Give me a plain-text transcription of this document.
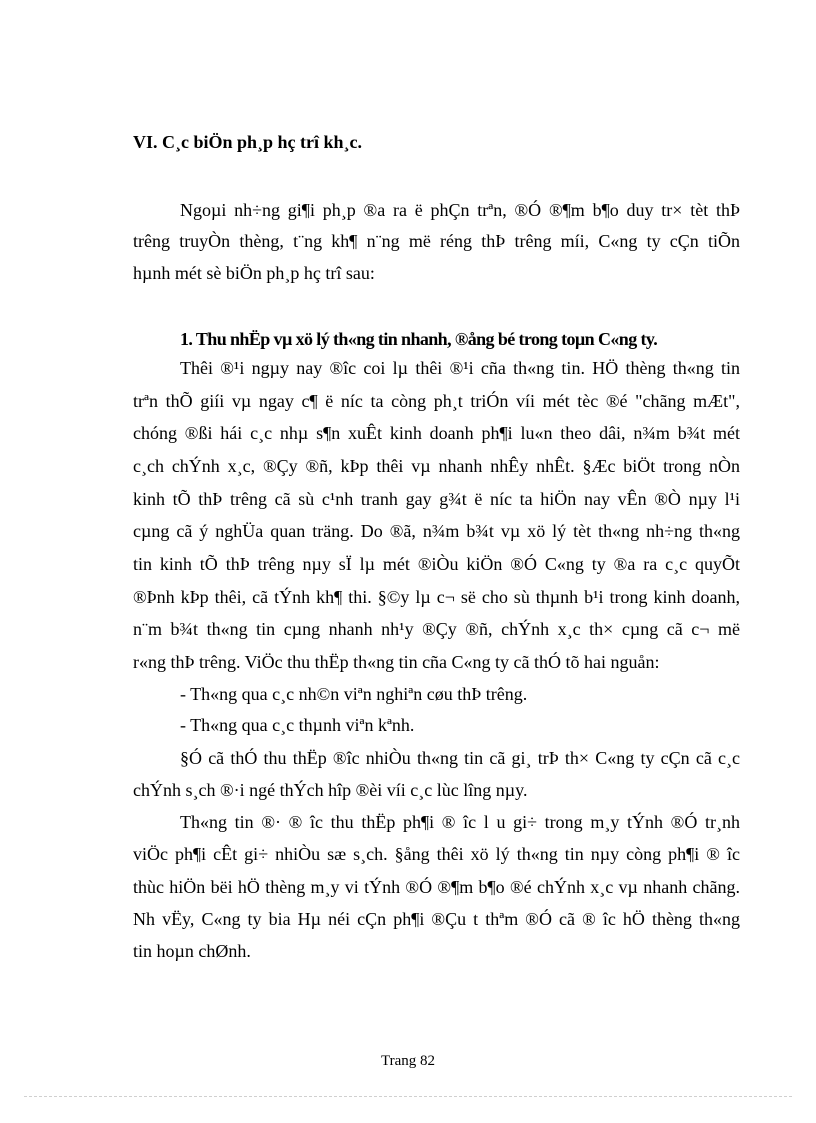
VI. C¸c biÖn ph¸p hç trî kh¸c.
Ngoµi nh÷ng gi¶i ph¸p ®a ra ë phÇn trªn, ®Ó ®¶m b¶o duy tr× tèt thÞ
trêng truyÒn thèng, t¨ng kh¶ n¨ng më réng thÞ trêng míi, C«ng ty cÇn tiÕn
hµnh mét sè biÖn ph¸p hç trî sau:
1. Thu nhËp vµ xö lý th«ng tin nhanh, ®ång bé trong toµn C«ng ty.
Thêi ®¹i ngµy nay ®îc coi lµ thêi ®¹i cña th«ng tin. HÖ thèng th«ng tin
trªn thÕ giíi vµ ngay c¶ ë níc ta còng ph¸t triÓn víi mét tèc ®é "chãng mÆt",
chóng ®ßi hái c¸c nhµ s¶n xuÊt kinh doanh ph¶i lu«n theo dâi, n¾m b¾t mét
c¸ch chÝnh x¸c, ®Çy ®ñ, kÞp thêi vµ nhanh nhÊy nhÊt. §Æc biÖt trong nÒn
kinh tÕ thÞ trêng cã sù c¹nh tranh gay g¾t ë níc ta hiÖn nay vÊn ®Ò nµy l¹i
cµng cã ý nghÜa quan träng. Do ®ã, n¾m b¾t vµ xö lý tèt th«ng nh÷ng th«ng
tin kinh tÕ thÞ trêng nµy sÏ lµ mét ®iÒu kiÖn ®Ó C«ng ty ®a ra c¸c quyÕt
®Þnh kÞp thêi, cã tÝnh kh¶ thi. §©y lµ c¬ së cho sù thµnh b¹i trong kinh doanh,
n¨m b¾t th«ng tin cµng nhanh nh¹y ®Çy ®ñ, chÝnh x¸c th× cµng cã c¬ më
r«ng thÞ trêng. ViÖc thu thËp th«ng tin cña C«ng ty cã thÓ tõ hai nguån:
- Th«ng qua c¸c nh©n viªn nghiªn cøu thÞ trêng.
- Th«ng qua c¸c thµnh viªn kªnh.
§Ó cã thÓ thu thËp ®îc nhiÒu th«ng tin cã gi¸ trÞ th× C«ng ty cÇn cã c¸c
chÝnh s¸ch ®·i ngé thÝch hîp ®èi víi c¸c lùc lîng nµy.
Th«ng tin ®· ® îc thu thËp ph¶i ® îc l u gi÷ trong m¸y tÝnh ®Ó tr¸nh
viÖc ph¶i cÊt gi÷ nhiÒu sæ s¸ch. §ång thêi xö lý th«ng tin nµy còng ph¶i ® îc
thùc hiÖn bëi hÖ thèng m¸y vi tÝnh ®Ó ®¶m b¶o ®é chÝnh x¸c vµ nhanh chãng.
Nh vËy, C«ng ty bia Hµ néi cÇn ph¶i ®Çu t thªm ®Ó cã ® îc hÖ thèng th«ng
tin hoµn chØnh.
Trang 82
